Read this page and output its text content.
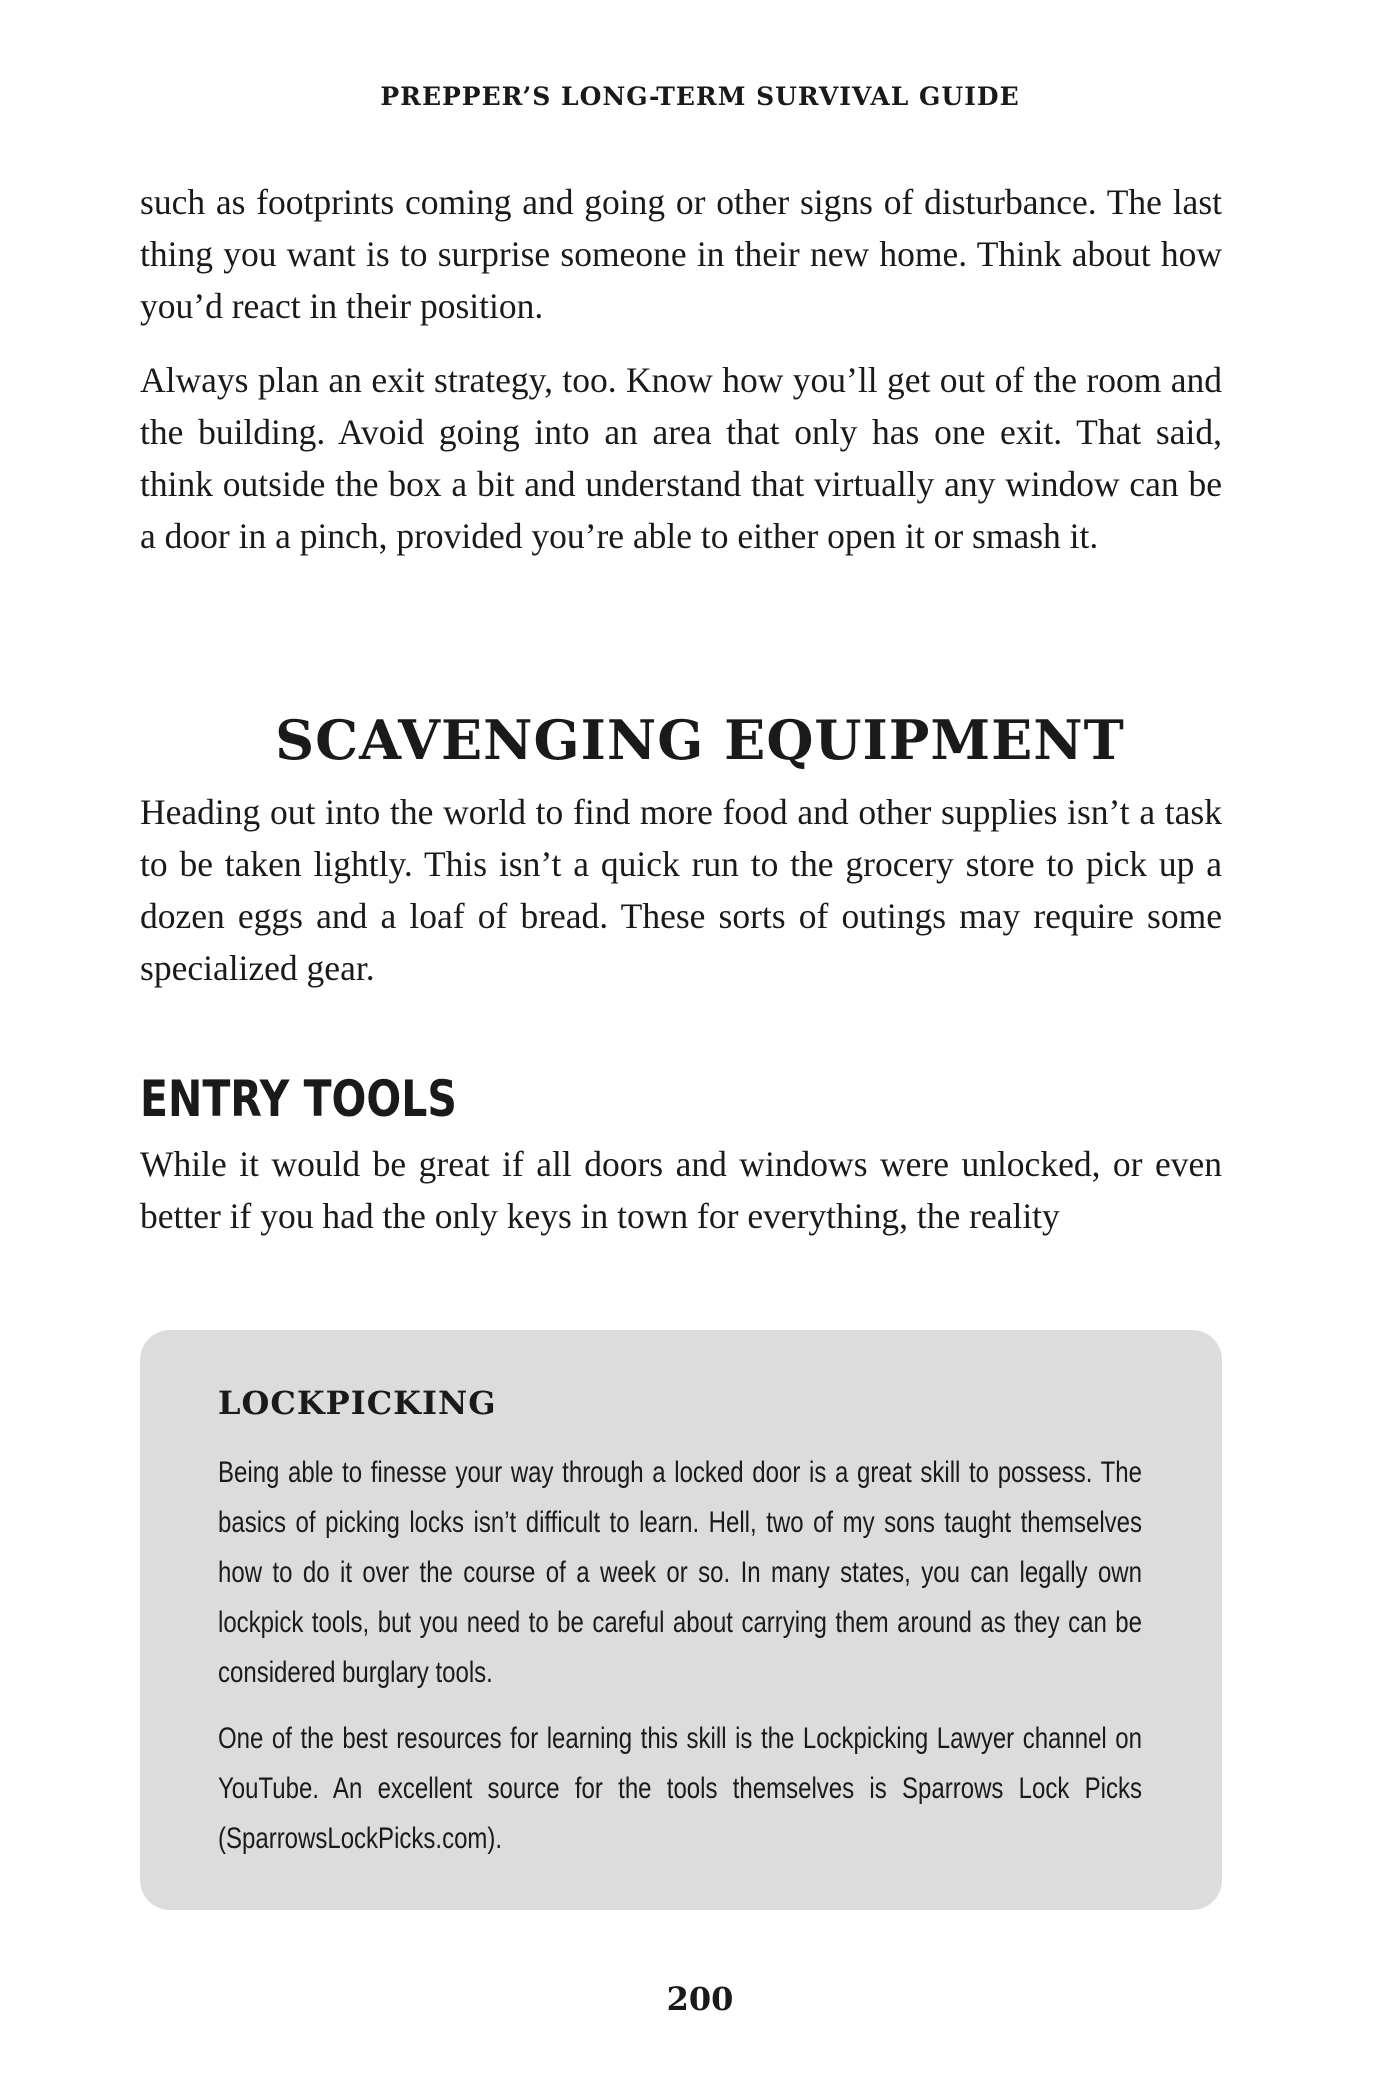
PREPPER’S LONG-TERM SURVIVAL GUIDE

such as footprints coming and going or other signs of disturbance. The last thing you want is to surprise someone in their new home. Think about how you’d react in their position.

Always plan an exit strategy, too. Know how you’ll get out of the room and the building. Avoid going into an area that only has one exit. That said, think outside the box a bit and understand that virtually any window can be a door in a pinch, provided you’re able to either open it or smash it.

SCAVENGING EQUIPMENT

Heading out into the world to find more food and other supplies isn’t a task to be taken lightly. This isn’t a quick run to the grocery store to pick up a dozen eggs and a loaf of bread. These sorts of outings may require some specialized gear.

ENTRY TOOLS

While it would be great if all doors and windows were unlocked, or even better if you had the only keys in town for everything, the reality

LOCKPICKING

Being able to finesse your way through a locked door is a great skill to possess. The basics of picking locks isn’t difficult to learn. Hell, two of my sons taught themselves how to do it over the course of a week or so. In many states, you can legally own lockpick tools, but you need to be careful about carrying them around as they can be considered burglary tools.

One of the best resources for learning this skill is the Lockpicking Lawyer channel on YouTube. An excellent source for the tools themselves is Sparrows Lock Picks (SparrowsLockPicks.com).

200
